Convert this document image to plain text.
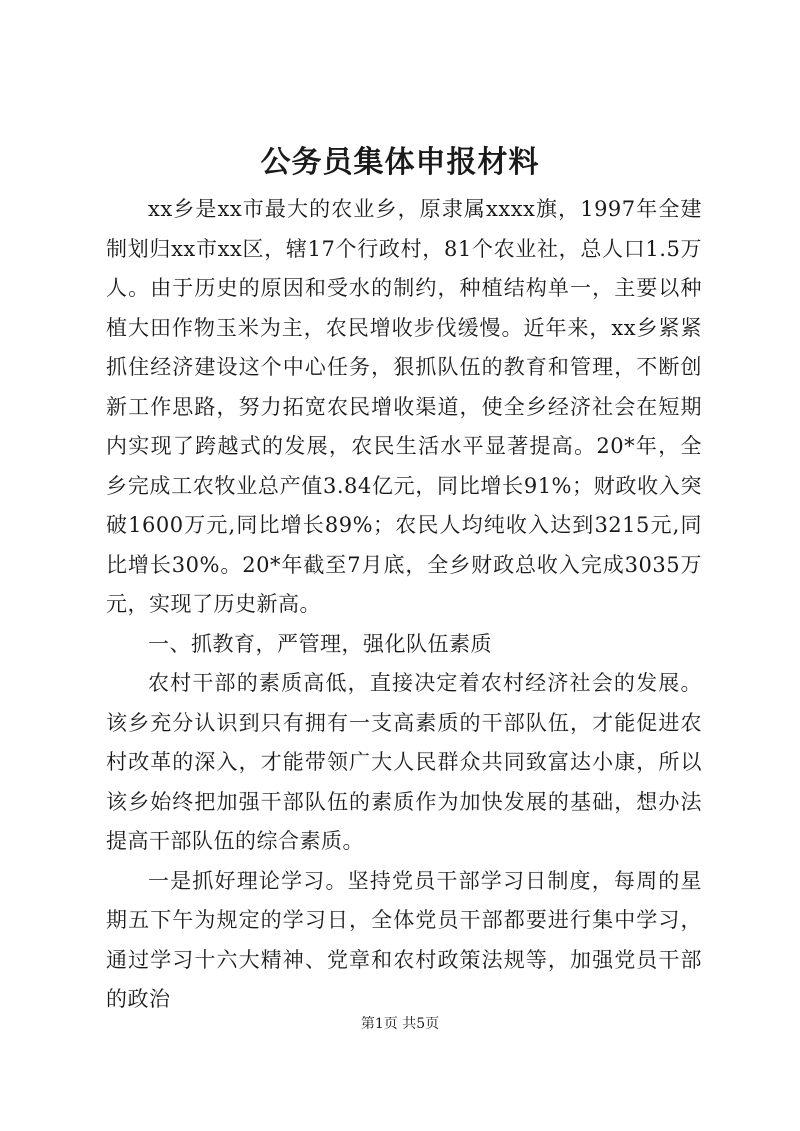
公务员集体申报材料

xx乡是xx市最大的农业乡，原隶属xxxx旗，1997年全建制划归xx市xx区，辖17个行政村，81个农业社，总人口1.5万人。由于历史的原因和受水的制约，种植结构单一，主要以种植大田作物玉米为主，农民增收步伐缓慢。近年来，xx乡紧紧抓住经济建设这个中心任务，狠抓队伍的教育和管理，不断创新工作思路，努力拓宽农民增收渠道，使全乡经济社会在短期内实现了跨越式的发展，农民生活水平显著提高。20*年，全乡完成工农牧业总产值3.84亿元，同比增长91%；财政收入突破1600万元,同比增长89%；农民人均纯收入达到3215元,同比增长30%。20*年截至7月底，全乡财政总收入完成3035万元，实现了历史新高。

一、抓教育，严管理，强化队伍素质

农村干部的素质高低，直接决定着农村经济社会的发展。该乡充分认识到只有拥有一支高素质的干部队伍，才能促进农村改革的深入，才能带领广大人民群众共同致富达小康，所以该乡始终把加强干部队伍的素质作为加快发展的基础，想办法提高干部队伍的综合素质。

一是抓好理论学习。坚持党员干部学习日制度，每周的星期五下午为规定的学习日，全体党员干部都要进行集中学习，通过学习十六大精神、党章和农村政策法规等，加强党员干部的政治

第1页 共5页
